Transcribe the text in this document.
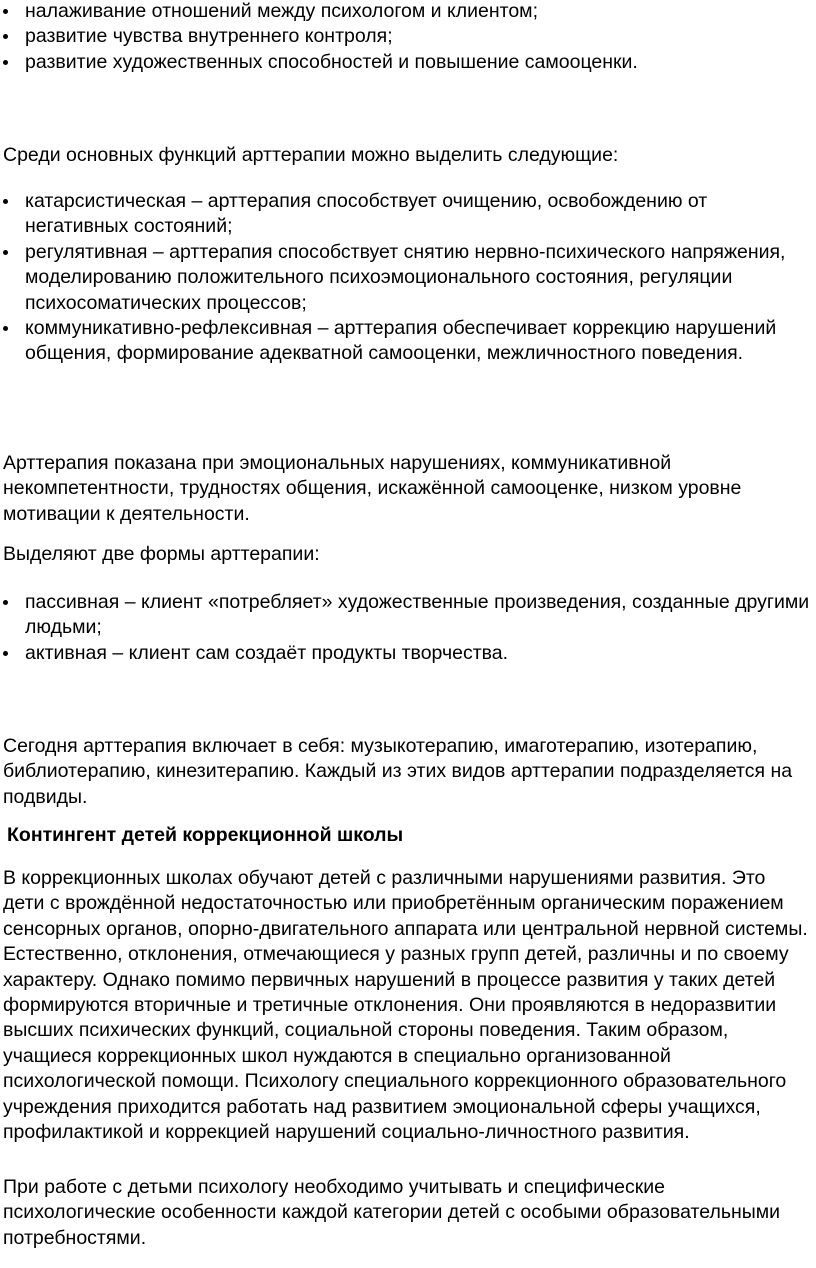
налаживание отношений между психологом и клиентом;
развитие чувства внутреннего контроля;
развитие художественных способностей и повышение самооценки.

Среди основных функций арттерапии можно выделить следующие:

катарсистическая – арттерапия способствует очищению, освобождению от негативных состояний;
регулятивная – арттерапия способствует снятию нервно-психического напряжения, моделированию положительного психоэмоционального состояния, регуляции психосоматических процессов;
коммуникативно-рефлексивная – арттерапия обеспечивает коррекцию нарушений общения, формирование адекватной самооценки, межличностного поведения.

Арттерапия показана при эмоциональных нарушениях, коммуникативной некомпетентности, трудностях общения, искажённой самооценке, низком уровне мотивации к деятельности.

Выделяют две формы арттерапии:

пассивная – клиент «потребляет» художественные произведения, созданные другими людьми;
активная – клиент сам создаёт продукты творчества.

Сегодня арттерапия включает в себя: музыкотерапию, имаготерапию, изотерапию, библиотерапию, кинезитерапию. Каждый из этих видов арттерапии подразделяется на подвиды.

Контингент детей коррекционной школы

В коррекционных школах обучают детей с различными нарушениями развития. Это дети с врождённой недостаточностью или приобретённым органическим поражением сенсорных органов, опорно-двигательного аппарата или центральной нервной системы. Естественно, отклонения, отмечающиеся у разных групп детей, различны и по своему характеру. Однако помимо первичных нарушений в процессе развития у таких детей формируются вторичные и третичные отклонения. Они проявляются в недоразвитии высших психических функций, социальной стороны поведения. Таким образом, учащиеся коррекционных школ нуждаются в специально организованной психологической помощи. Психологу специального коррекционного образовательного учреждения приходится работать над развитием эмоциональной сферы учащихся, профилактикой и коррекцией нарушений социально-личностного развития.

При работе с детьми психологу необходимо учитывать и специфические психологические особенности каждой категории детей с особыми образовательными потребностями.
